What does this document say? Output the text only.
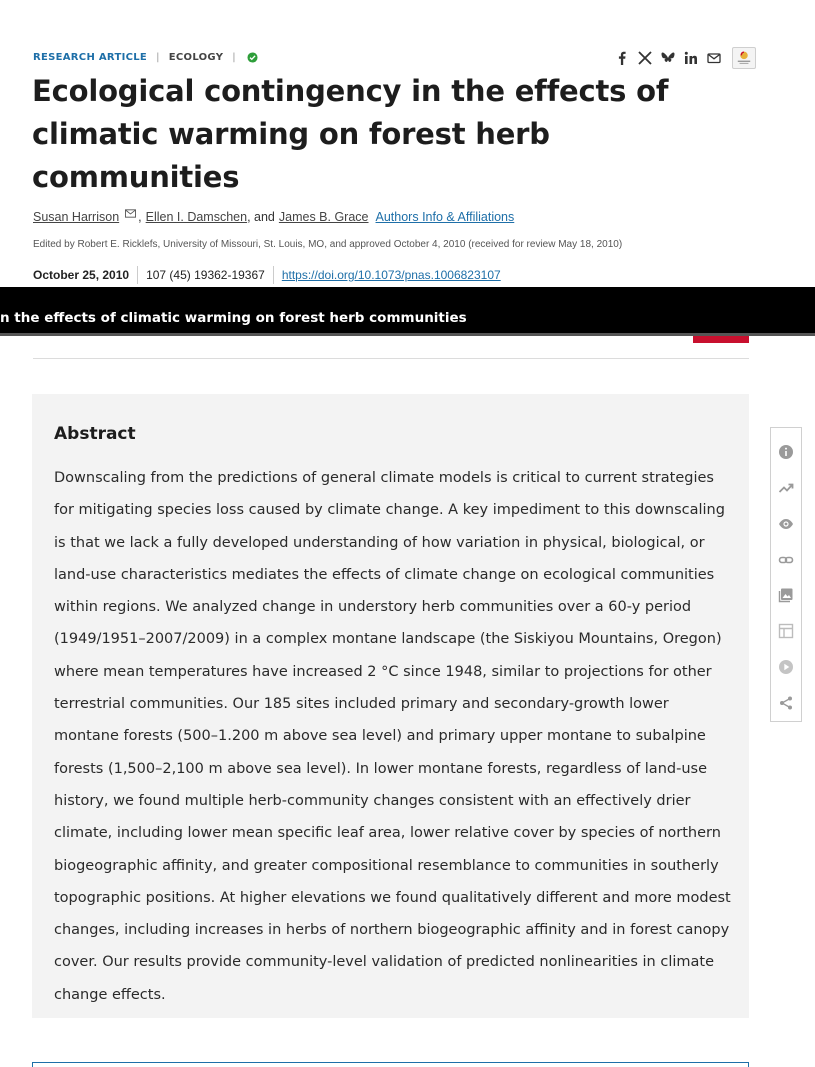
RESEARCH ARTICLE | ECOLOGY |
Ecological contingency in the effects of climatic warming on forest herb communities
Susan Harrison , Ellen I. Damschen , and James B. Grace Authors Info & Affiliations
Edited by Robert E. Ricklefs, University of Missouri, St. Louis, MO, and approved October 4, 2010 (received for review May 18, 2010)
October 25, 2010 107 (45) 19362-19367 https://doi.org/10.1073/pnas.1006823107
n the effects of climatic warming on forest herb communities
Abstract

Downscaling from the predictions of general climate models is critical to current strategies for mitigating species loss caused by climate change. A key impediment to this downscaling is that we lack a fully developed understanding of how variation in physical, biological, or land-use characteristics mediates the effects of climate change on ecological communities within regions. We analyzed change in understory herb communities over a 60-y period (1949/1951–2007/2009) in a complex montane landscape (the Siskiyou Mountains, Oregon) where mean temperatures have increased 2 °C since 1948, similar to projections for other terrestrial communities. Our 185 sites included primary and secondary-growth lower montane forests (500–1.200 m above sea level) and primary upper montane to subalpine forests (1,500–2,100 m above sea level). In lower montane forests, regardless of land-use history, we found multiple herb-community changes consistent with an effectively drier climate, including lower mean specific leaf area, lower relative cover by species of northern biogeographic affinity, and greater compositional resemblance to communities in southerly topographic positions. At higher elevations we found qualitatively different and more modest changes, including increases in herbs of northern biogeographic affinity and in forest canopy cover. Our results provide community-level validation of predicted nonlinearities in climate change effects.
